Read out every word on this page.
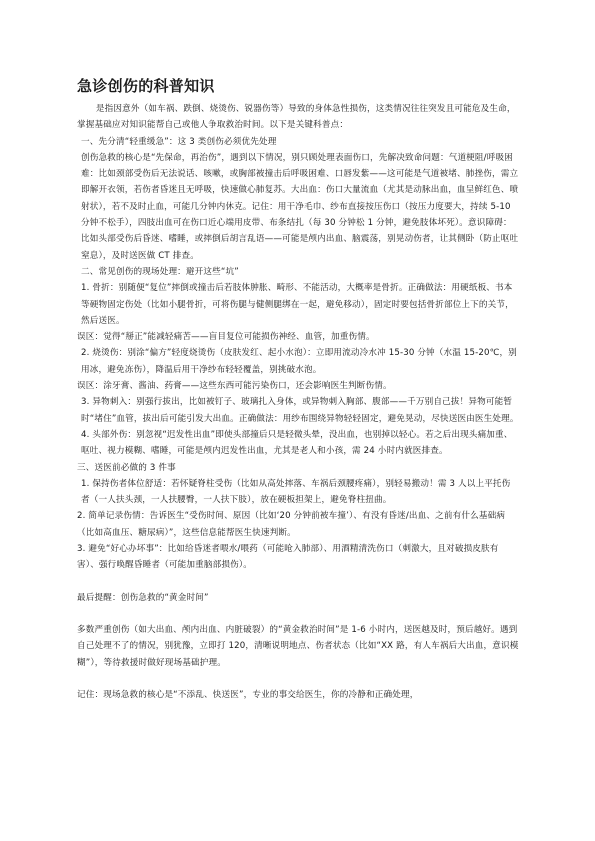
急诊创伤的科普知识

是指因意外（如车祸、跌倒、烧烫伤、锐器伤等）导致的身体急性损伤，这类情况往往突发且可能危及生命，掌握基础应对知识能帮自己或他人争取救治时间。以下是关键科普点：

一、先分清“轻重缓急”：这 3 类创伤必须优先处理

创伤急救的核心是“先保命，再治伤”，遇到以下情况，别只顾处理表面伤口，先解决致命问题：气道梗阻/呼吸困难：比如颈部受伤后无法说话、咳嗽，或胸部被撞击后呼吸困难、口唇发紫——这可能是气道被堵、肺挫伤，需立即解开衣领，若伤者昏迷且无呼吸，快速做心肺复苏。大出血：伤口大量流血（尤其是动脉出血，血呈鲜红色、喷射状），若不及时止血，可能几分钟内休克。记住：用干净毛巾、纱布直接按压伤口（按压力度要大，持续 5-10 分钟不松手），四肢出血可在伤口近心端用皮带、布条结扎（每 30 分钟松 1 分钟，避免肢体坏死）。意识障碍：比如头部受伤后昏迷、嗜睡，或摔倒后胡言乱语——可能是颅内出血、脑震荡，别晃动伤者，让其侧卧（防止呕吐窒息），及时送医做 CT 排查。

二、常见创伤的现场处理：避开这些“坑”

1. 骨折：别随便“复位”摔倒或撞击后若肢体肿胀、畸形、不能活动，大概率是骨折。正确做法：用硬纸板、书本等硬物固定伤处（比如小腿骨折，可将伤腿与健侧腿绑在一起，避免移动），固定时要包括骨折部位上下的关节，然后送医。

误区：觉得“掰正”能减轻痛苦——盲目复位可能损伤神经、血管，加重伤情。

2. 烧烫伤：别涂“偏方”轻度烧烫伤（皮肤发红、起小水泡）：立即用流动冷水冲 15-30 分钟（水温 15-20℃，别用冰，避免冻伤），降温后用干净纱布轻轻覆盖，别挑破水泡。

误区：涂牙膏、酱油、药膏——这些东西可能污染伤口，还会影响医生判断伤情。

3. 异物刺入：别强行拔出，比如被钉子、玻璃扎入身体，或异物刺入胸部、腹部——千万别自己拔！异物可能暂时“堵住”血管，拔出后可能引发大出血。正确做法：用纱布围绕异物轻轻固定，避免晃动，尽快送医由医生处理。

4. 头部外伤：别忽视“迟发性出血”即使头部撞后只是轻微头晕，没出血，也别掉以轻心。若之后出现头痛加重、呕吐、视力模糊、嗜睡，可能是颅内迟发性出血，尤其是老人和小孩，需 24 小时内就医排查。

三、送医前必做的 3 件事

1. 保持伤者体位舒适：若怀疑脊柱受伤（比如从高处摔落、车祸后颈腰疼痛），别轻易搬动！需 3 人以上平托伤者（一人扶头颈，一人扶腰臀，一人扶下肢），放在硬板担架上，避免脊柱扭曲。

2. 简单记录伤情：告诉医生“受伤时间、原因（比如‘20 分钟前被车撞’）、有没有昏迷/出血、之前有什么基础病（比如高血压、糖尿病）”，这些信息能帮医生快速判断。

3. 避免“好心办坏事”：比如给昏迷者喂水/喂药（可能呛入肺部）、用酒精清洗伤口（刺激大，且对破损皮肤有害）、强行唤醒昏睡者（可能加重脑部损伤）。

最后提醒：创伤急救的“黄金时间”

多数严重创伤（如大出血、颅内出血、内脏破裂）的“黄金救治时间”是 1-6 小时内，送医越及时，预后越好。遇到自己处理不了的情况，别犹豫，立即打 120，清晰说明地点、伤者状态（比如“XX 路，有人车祸后大出血，意识模糊”），等待救援时做好现场基础护理。

记住：现场急救的核心是“不添乱、快送医”，专业的事交给医生，你的冷静和正确处理，
